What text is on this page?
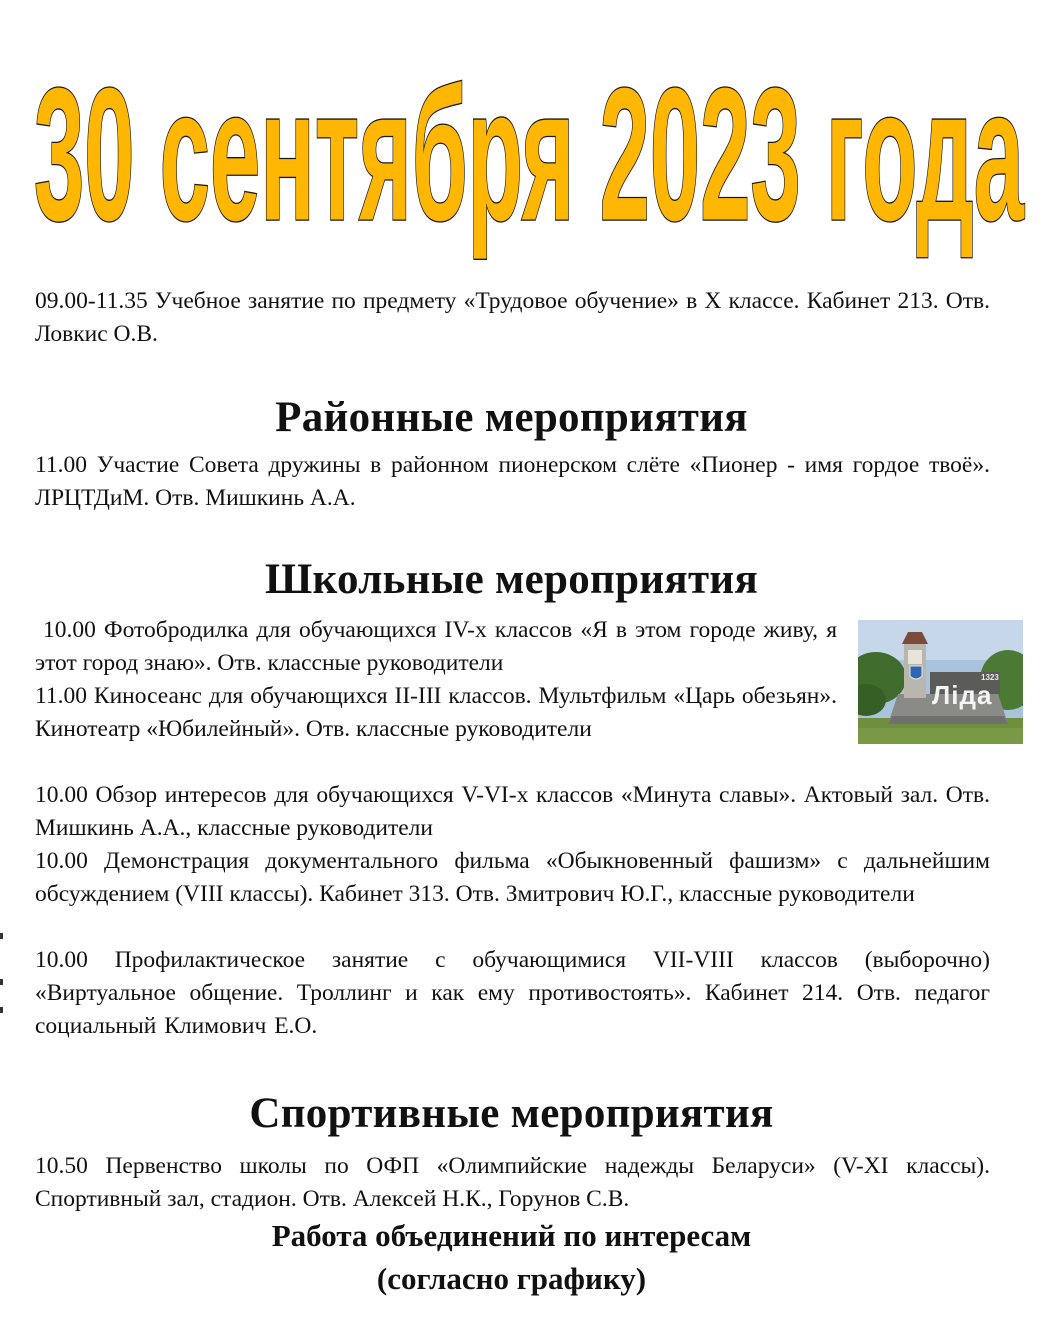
30 сентября 2023 года

09.00-11.35 Учебное занятие по предмету «Трудовое обучение» в Х классе. Кабинет 213. Отв. Ловкис О.В.

Районные мероприятия

11.00 Участие Совета дружины в районном пионерском слёте «Пионер - имя гордое твоё». ЛРЦТДиМ. Отв. Мишкинь А.А.

Школьные мероприятия

10.00 Фотобродилка для обучающихся IV-х классов «Я в этом городе живу, я этот город знаю». Отв. классные руководители

11.00 Киносеанс для обучающихся II-III классов. Мультфильм «Царь обезьян». Кинотеатр «Юбилейный». Отв. классные руководители

10.00 Обзор интересов для обучающихся V-VI-х классов «Минута славы». Актовый зал. Отв. Мишкинь А.А., классные руководители

10.00 Демонстрация документального фильма «Обыкновенный фашизм» с дальнейшим обсуждением (VIII классы). Кабинет 313. Отв. Змитрович Ю.Г., классные руководители

10.00 Профилактическое занятие с обучающимися VII-VIII классов (выборочно) «Виртуальное общение. Троллинг и как ему противостоять». Кабинет 214. Отв. педагог социальный Климович Е.О.

1323
Ліда
Спортивные мероприятия

10.50 Первенство школы по ОФП «Олимпийские надежды Беларуси» (V-XI классы). Спортивный зал, стадион. Отв. Алексей Н.К., Горунов С.В.

Работа объединений по интересам

(согласно графику)
